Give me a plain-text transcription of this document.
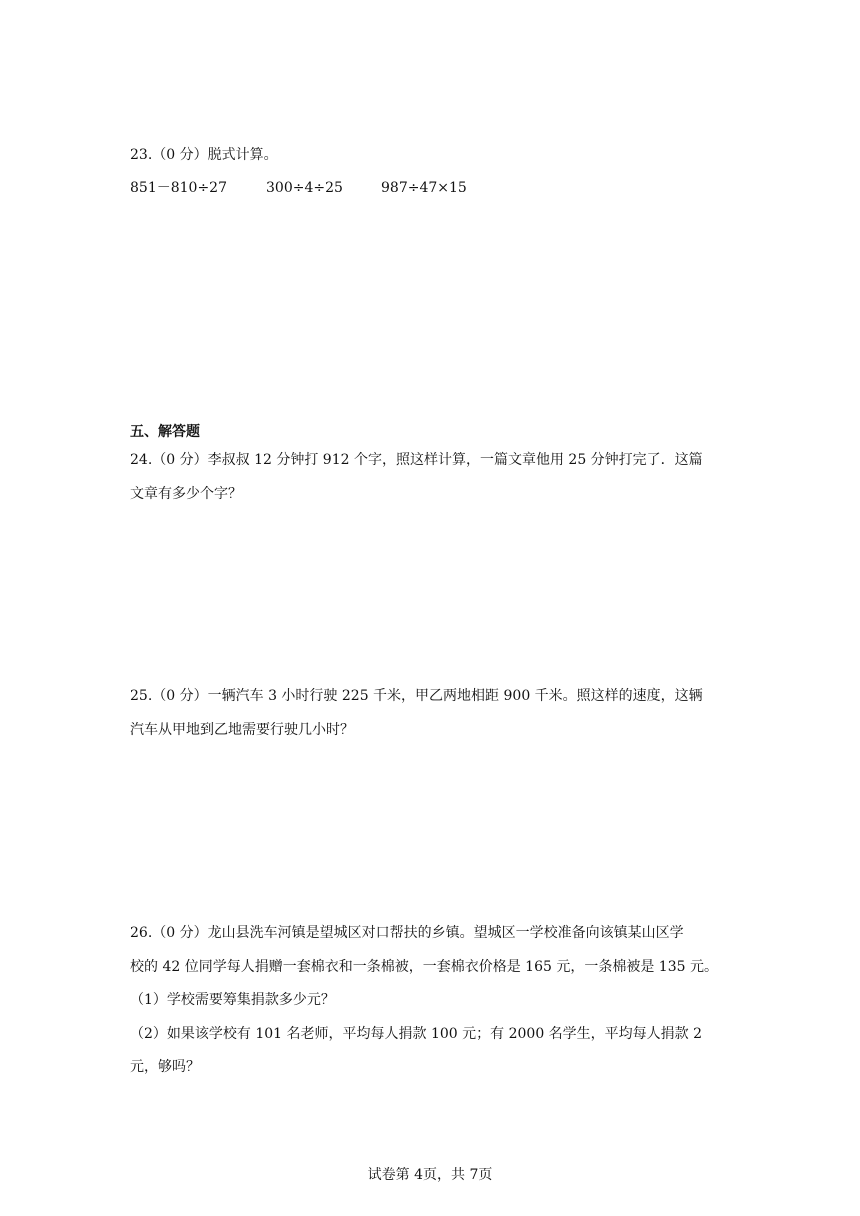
23.（0 分）脱式计算。
851－810÷27	300÷4÷25	987÷47×15
五、解答题
24.（0 分）李叔叔 12 分钟打 912 个字，照这样计算，一篇文章他用 25 分钟打完了．这篇
文章有多少个字？
25.（0 分）一辆汽车 3 小时行驶 225 千米，甲乙两地相距 900 千米。照这样的速度，这辆
汽车从甲地到乙地需要行驶几小时？
26.（0 分）龙山县洗车河镇是望城区对口帮扶的乡镇。望城区一学校准备向该镇某山区学
校的 42 位同学每人捐赠一套棉衣和一条棉被，一套棉衣价格是 165 元，一条棉被是 135 元。
（1）学校需要筹集捐款多少元？
（2）如果该学校有 101 名老师，平均每人捐款 100 元；有 2000 名学生，平均每人捐款 2
元，够吗？
试卷第 4页，共 7页
